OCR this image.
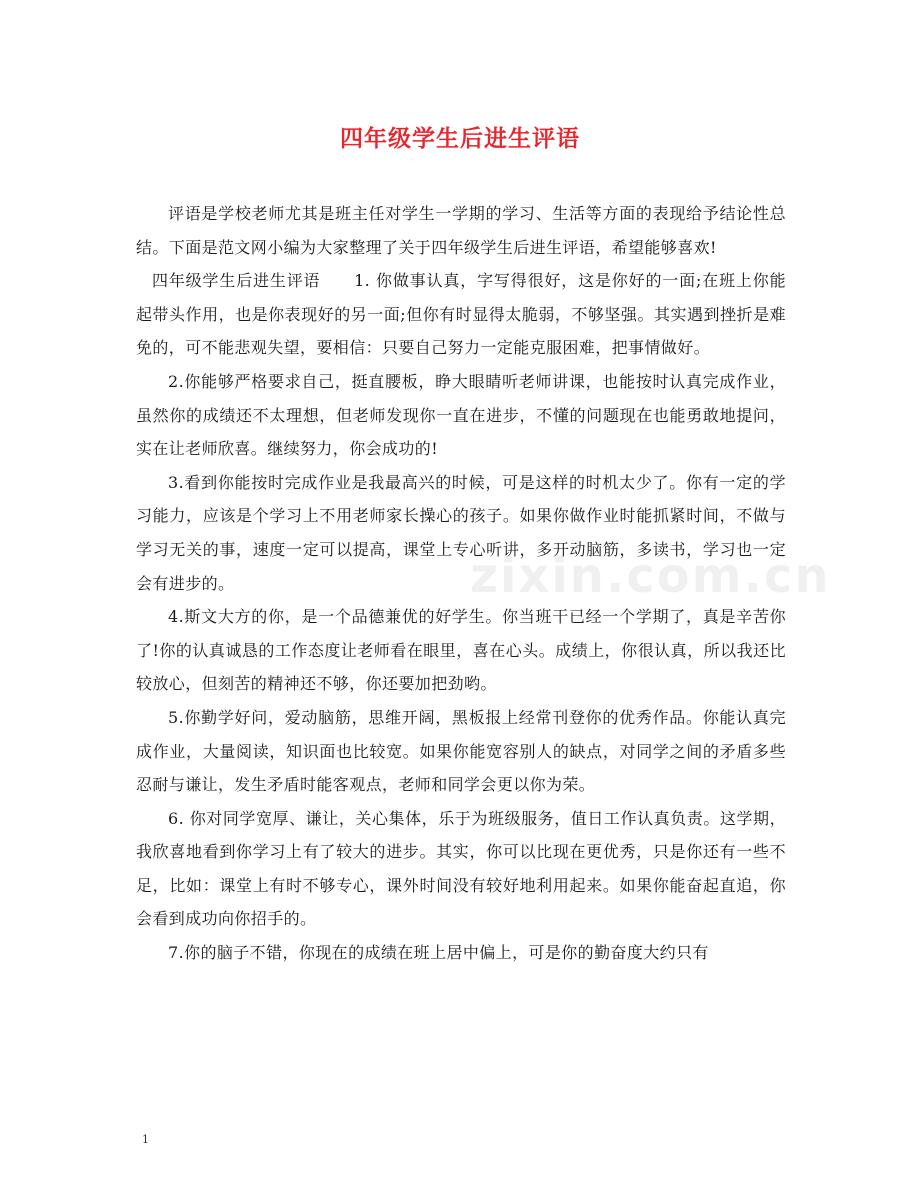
四年级学生后进生评语
zixin.com.cn

评语是学校老师尤其是班主任对学生一学期的学习、生活等方面的表现给予结论性总结。下面是范文网小编为大家整理了关于四年级学生后进生评语，希望能够喜欢!

四年级学生后进生评语　　1. 你做事认真，字写得很好，这是你好的一面;在班上你能起带头作用，也是你表现好的另一面;但你有时显得太脆弱，不够坚强。其实遇到挫折是难免的，可不能悲观失望，要相信：只要自己努力一定能克服困难，把事情做好。

2.你能够严格要求自己，挺直腰板，睁大眼睛听老师讲课，也能按时认真完成作业，虽然你的成绩还不太理想，但老师发现你一直在进步，不懂的问题现在也能勇敢地提问，实在让老师欣喜。继续努力，你会成功的!

3.看到你能按时完成作业是我最高兴的时候，可是这样的时机太少了。你有一定的学习能力，应该是个学习上不用老师家长操心的孩子。如果你做作业时能抓紧时间，不做与学习无关的事，速度一定可以提高，课堂上专心听讲，多开动脑筋，多读书，学习也一定会有进步的。

4.斯文大方的你，是一个品德兼优的好学生。你当班干已经一个学期了，真是辛苦你了!你的认真诚恳的工作态度让老师看在眼里，喜在心头。成绩上，你很认真，所以我还比较放心，但刻苦的精神还不够，你还要加把劲哟。

5.你勤学好问，爱动脑筋，思维开阔，黑板报上经常刊登你的优秀作品。你能认真完成作业，大量阅读，知识面也比较宽。如果你能宽容别人的缺点，对同学之间的矛盾多些忍耐与谦让，发生矛盾时能客观点，老师和同学会更以你为荣。

6. 你对同学宽厚、谦让，关心集体，乐于为班级服务，值日工作认真负责。这学期，我欣喜地看到你学习上有了较大的进步。其实，你可以比现在更优秀，只是你还有一些不足，比如：课堂上有时不够专心，课外时间没有较好地利用起来。如果你能奋起直追，你会看到成功向你招手的。

7.你的脑子不错，你现在的成绩在班上居中偏上，可是你的勤奋度大约只有

1
